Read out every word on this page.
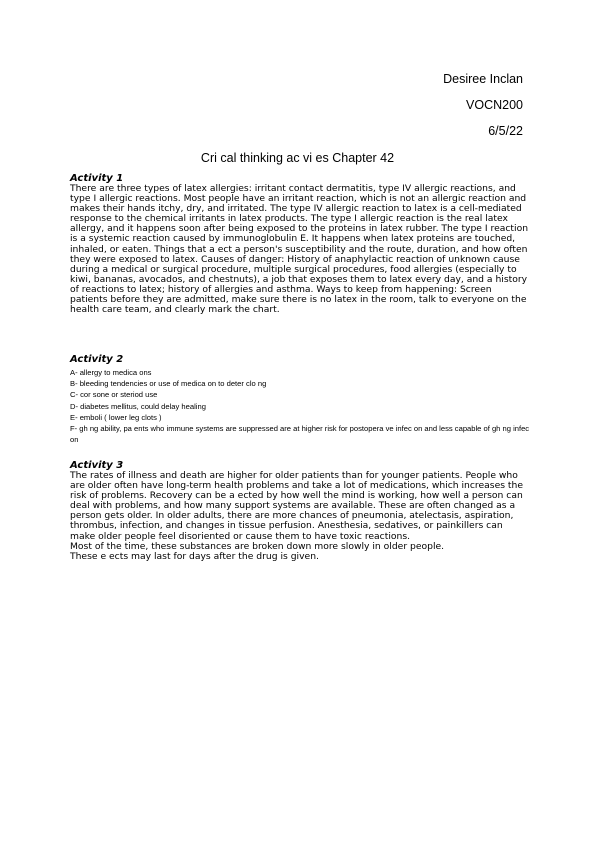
Desiree Inclan
VOCN200
6/5/22
Cri cal thinking ac vi es Chapter 42
Activity 1

There are three types of latex allergies: irritant contact dermatitis, type IV allergic reactions, and type I allergic reactions. Most people have an irritant reaction, which is not an allergic reaction and makes their hands itchy, dry, and irritated. The type IV allergic reaction to latex is a cell-mediated response to the chemical irritants in latex products. The type I allergic reaction is the real latex allergy, and it happens soon after being exposed to the proteins in latex rubber. The type I reaction is a systemic reaction caused by immunoglobulin E. It happens when latex proteins are touched, inhaled, or eaten. Things that a ect a person's susceptibility and the route, duration, and how often they were exposed to latex. Causes of danger: History of anaphylactic reaction of unknown cause during a medical or surgical procedure, multiple surgical procedures, food allergies (especially to kiwi, bananas, avocados, and chestnuts), a job that exposes them to latex every day, and a history of reactions to latex; history of allergies and asthma. Ways to keep from happening: Screen patients before they are admitted, make sure there is no latex in the room, talk to everyone on the health care team, and clearly mark the chart.

Activity 2
A- allergy to medica ons
B- bleeding tendencies or use of medica on to deter clo ng
C- cor sone or steriod use
D- diabetes mellitus, could delay healing
E- emboli ( lower leg clots )
F- gh ng ability, pa ents who immune systems are suppressed are at higher risk for postopera ve infec on and less capable of gh ng infec on
Activity 3

The rates of illness and death are higher for older patients than for younger patients. People who are older often have long-term health problems and take a lot of medications, which increases the risk of problems. Recovery can be a ected by how well the mind is working, how well a person can deal with problems, and how many support systems are available. These are often changed as a person gets older. In older adults, there are more chances of pneumonia, atelectasis, aspiration, thrombus, infection, and changes in tissue perfusion. Anesthesia, sedatives, or painkillers can make older people feel disoriented or cause them to have toxic reactions.

Most of the time, these substances are broken down more slowly in older people.

These e ects may last for days after the drug is given.
